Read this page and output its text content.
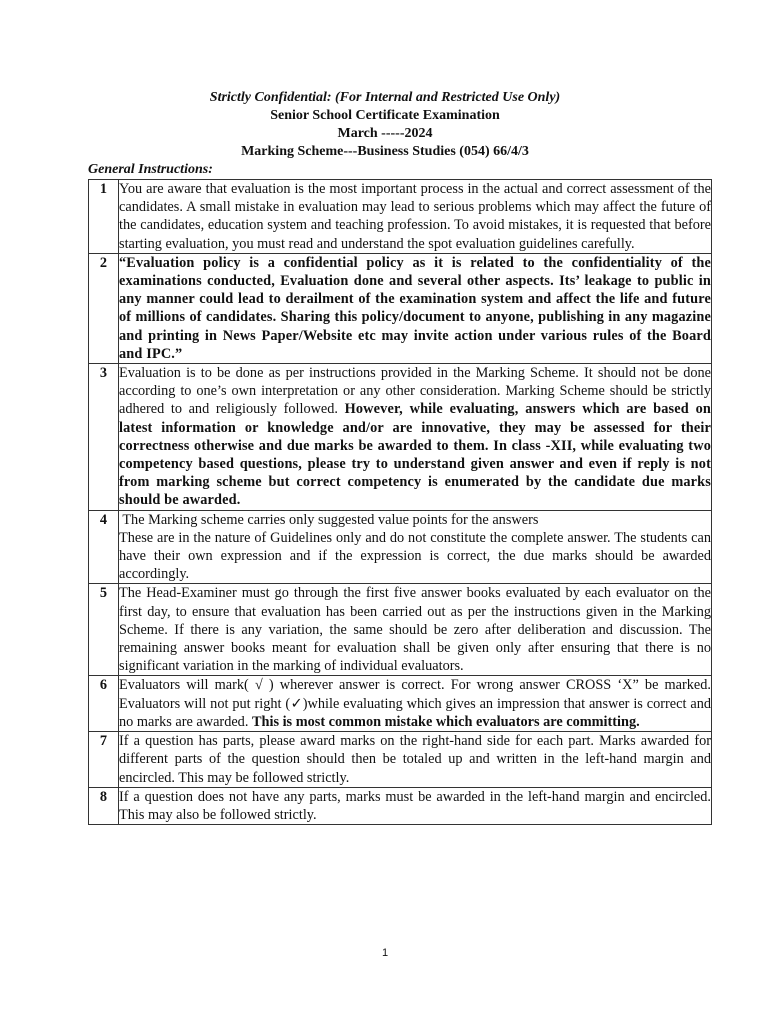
Strictly Confidential: (For Internal and Restricted Use Only)
Senior School Certificate Examination
March -----2024
Marking Scheme---Business Studies (054) 66/4/3
General Instructions:
1	You are aware that evaluation is the most important process in the actual and correct assessment of the candidates. A small mistake in evaluation may lead to serious problems which may affect the future of the candidates, education system and teaching profession. To avoid mistakes, it is requested that before starting evaluation, you must read and understand the spot evaluation guidelines carefully.
2	“Evaluation policy is a confidential policy as it is related to the confidentiality of the examinations conducted, Evaluation done and several other aspects. Its’ leakage to public in any manner could lead to derailment of the examination system and affect the life and future of millions of candidates. Sharing this policy/document to anyone, publishing in any magazine and printing in News Paper/Website etc may invite action under various rules of the Board and IPC.”
3	Evaluation is to be done as per instructions provided in the Marking Scheme. It should not be done according to one’s own interpretation or any other consideration. Marking Scheme should be strictly adhered to and religiously followed. However, while evaluating, answers which are based on latest information or knowledge and/or are innovative, they may be assessed for their correctness otherwise and due marks be awarded to them. In class -XII, while evaluating two competency based questions, please try to understand given answer and even if reply is not from marking scheme but correct competency is enumerated by the candidate due marks should be awarded.
4	The Marking scheme carries only suggested value points for the answers
These are in the nature of Guidelines only and do not constitute the complete answer. The students can have their own expression and if the expression is correct, the due marks should be awarded accordingly.

5	The Head-Examiner must go through the first five answer books evaluated by each evaluator on the first day, to ensure that evaluation has been carried out as per the instructions given in the Marking Scheme. If there is any variation, the same should be zero after deliberation and discussion. The remaining answer books meant for evaluation shall be given only after ensuring that there is no significant variation in the marking of individual evaluators.
6	Evaluators will mark( √ ) wherever answer is correct. For wrong answer CROSS ‘X” be marked. Evaluators will not put right (✓)while evaluating which gives an impression that answer is correct and no marks are awarded. This is most common mistake which evaluators are committing.
7	If a question has parts, please award marks on the right-hand side for each part. Marks awarded for different parts of the question should then be totaled up and written in the left-hand margin and encircled. This may be followed strictly.
8	If a question does not have any parts, marks must be awarded in the left-hand margin and encircled. This may also be followed strictly.
1
